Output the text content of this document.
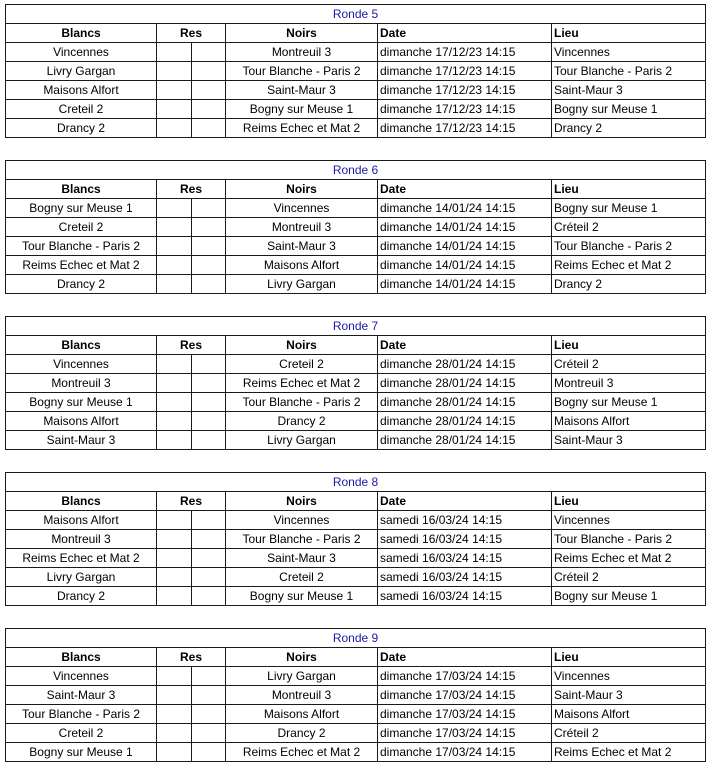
Ronde 5					
Blancs	Res		Noirs	Date	Lieu
Vincennes			Montreuil 3	dimanche 17/12/23 14:15	Vincennes
Livry Gargan			Tour Blanche - Paris 2	dimanche 17/12/23 14:15	Tour Blanche - Paris 2
Maisons Alfort			Saint-Maur 3	dimanche 17/12/23 14:15	Saint-Maur 3
Creteil 2			Bogny sur Meuse 1	dimanche 17/12/23 14:15	Bogny sur Meuse 1
Drancy 2			Reims Echec et Mat 2	dimanche 17/12/23 14:15	Drancy 2
Ronde 6					
Blancs	Res		Noirs	Date	Lieu
Bogny sur Meuse 1			Vincennes	dimanche 14/01/24 14:15	Bogny sur Meuse 1
Creteil 2			Montreuil 3	dimanche 14/01/24 14:15	Créteil 2
Tour Blanche - Paris 2			Saint-Maur 3	dimanche 14/01/24 14:15	Tour Blanche - Paris 2
Reims Echec et Mat 2			Maisons Alfort	dimanche 14/01/24 14:15	Reims Echec et Mat 2
Drancy 2			Livry Gargan	dimanche 14/01/24 14:15	Drancy 2
Ronde 7					
Blancs	Res		Noirs	Date	Lieu
Vincennes			Creteil 2	dimanche 28/01/24 14:15	Créteil 2
Montreuil 3			Reims Echec et Mat 2	dimanche 28/01/24 14:15	Montreuil 3
Bogny sur Meuse 1			Tour Blanche - Paris 2	dimanche 28/01/24 14:15	Bogny sur Meuse 1
Maisons Alfort			Drancy 2	dimanche 28/01/24 14:15	Maisons Alfort
Saint-Maur 3			Livry Gargan	dimanche 28/01/24 14:15	Saint-Maur 3
Ronde 8					
Blancs	Res		Noirs	Date	Lieu
Maisons Alfort			Vincennes	samedi 16/03/24 14:15	Vincennes
Montreuil 3			Tour Blanche - Paris 2	samedi 16/03/24 14:15	Tour Blanche - Paris 2
Reims Echec et Mat 2			Saint-Maur 3	samedi 16/03/24 14:15	Reims Echec et Mat 2
Livry Gargan			Creteil 2	samedi 16/03/24 14:15	Créteil 2
Drancy 2			Bogny sur Meuse 1	samedi 16/03/24 14:15	Bogny sur Meuse 1
Ronde 9					
Blancs	Res		Noirs	Date	Lieu
Vincennes			Livry Gargan	dimanche 17/03/24 14:15	Vincennes
Saint-Maur 3			Montreuil 3	dimanche 17/03/24 14:15	Saint-Maur 3
Tour Blanche - Paris 2			Maisons Alfort	dimanche 17/03/24 14:15	Maisons Alfort
Creteil 2			Drancy 2	dimanche 17/03/24 14:15	Créteil 2
Bogny sur Meuse 1			Reims Echec et Mat 2	dimanche 17/03/24 14:15	Reims Echec et Mat 2
